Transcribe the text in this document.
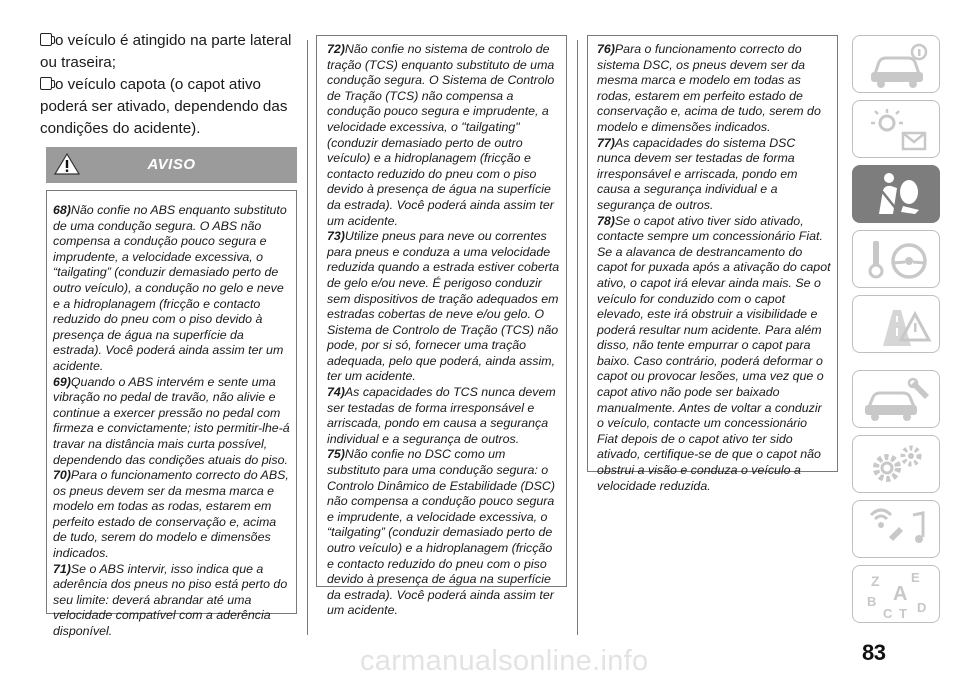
o veículo é atingido na parte lateral ou traseira;
o veículo capota (o capot ativo poderá ser ativado, dependendo das condições do acidente).
AVISO

68)Não confie no ABS enquanto substituto de uma condução segura. O ABS não compensa a condução pouco segura e imprudente, a velocidade excessiva, o “tailgating” (conduzir demasiado perto de outro veículo), a condução no gelo e neve e a hidroplanagem (fricção e contacto reduzido do pneu com o piso devido à presença de água na superfície da estrada). Você poderá ainda assim ter um acidente.

69)Quando o ABS intervém e sente uma vibração no pedal de travão, não alivie e continue a exercer pressão no pedal com firmeza e convictamente; isto permitir-lhe-á travar na distância mais curta possível, dependendo das condições atuais do piso.

70)Para o funcionamento correcto do ABS, os pneus devem ser da mesma marca e modelo em todas as rodas, estarem em perfeito estado de conservação e, acima de tudo, serem do modelo e dimensões indicados.

71)Se o ABS intervir, isso indica que a aderência dos pneus no piso está perto do seu limite: deverá abrandar até uma velocidade compatível com a aderência disponível.

72)Não confie no sistema de controlo de tração (TCS) enquanto substituto de uma condução segura. O Sistema de Controlo de Tração (TCS) não compensa a condução pouco segura e imprudente, a velocidade excessiva, o "tailgating" (conduzir demasiado perto de outro veículo) e a hidroplanagem (fricção e contacto reduzido do pneu com o piso devido à presença de água na superfície da estrada). Você poderá ainda assim ter um acidente.

73)Utilize pneus para neve ou correntes para pneus e conduza a uma velocidade reduzida quando a estrada estiver coberta de gelo e/ou neve. É perigoso conduzir sem dispositivos de tração adequados em estradas cobertas de neve e/ou gelo. O Sistema de Controlo de Tração (TCS) não pode, por si só, fornecer uma tração adequada, pelo que poderá, ainda assim, ter um acidente.

74)As capacidades do TCS nunca devem ser testadas de forma irresponsável e arriscada, pondo em causa a segurança individual e a segurança de outros.

75)Não confie no DSC como um substituto para uma condução segura: o Controlo Dinâmico de Estabilidade (DSC) não compensa a condução pouco segura e imprudente, a velocidade excessiva, o “tailgating” (conduzir demasiado perto de outro veículo) e a hidroplanagem (fricção e contacto reduzido do pneu com o piso devido à presença de água na superfície da estrada). Você poderá ainda assim ter um acidente.

76)Para o funcionamento correcto do sistema DSC, os pneus devem ser da mesma marca e modelo em todas as rodas, estarem em perfeito estado de conservação e, acima de tudo, serem do modelo e dimensões indicados.

77)As capacidades do sistema DSC nunca devem ser testadas de forma irresponsável e arriscada, pondo em causa a segurança individual e a segurança de outros.

78)Se o capot ativo tiver sido ativado, contacte sempre um concessionário Fiat. Se a alavanca de destrancamento do capot for puxada após a ativação do capot ativo, o capot irá elevar ainda mais. Se o veículo for conduzido com o capot elevado, este irá obstruir a visibilidade e poderá resultar num acidente. Para além disso, não tente empurrar o capot para baixo. Caso contrário, poderá deformar o capot ou provocar lesões, uma vez que o capot ativo não pode ser baixado manualmente. Antes de voltar a conduzir o veículo, contacte um concessionário Fiat depois de o capot ativo ter sido ativado, certifique-se de que o capot não obstrui a visão e conduza o veículo a velocidade reduzida.

Z E
B A
C T D
carmanualsonline.info	83
